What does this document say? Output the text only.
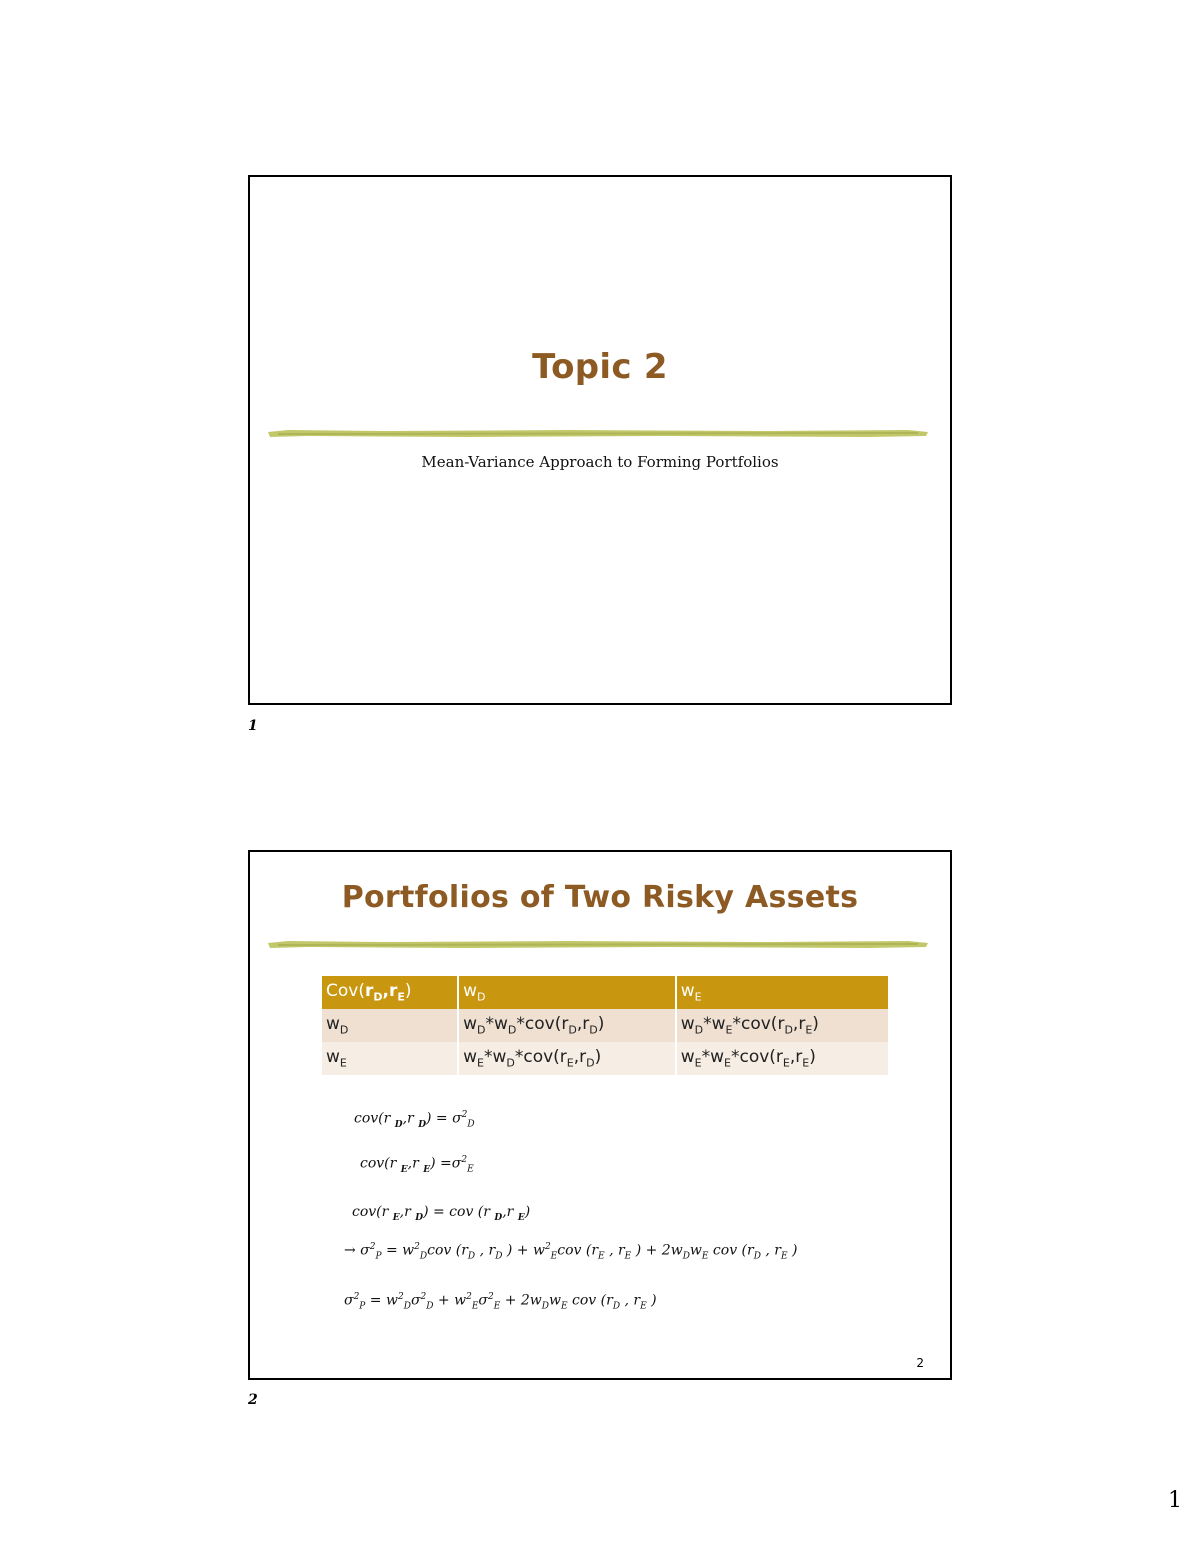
Topic 2
Mean-Variance Approach to Forming Portfolios
1
Portfolios of Two Risky Assets
$Cov(r_D,r_E)$	$w_D$	$w_E$
$w_D$	$w_D*w_D*cov(r_D,r_D)$	$w_D*w_E*cov(r_D,r_E)$
$w_E$	$w_E*w_D*cov(r_E,r_D)$	$w_E*w_E*cov(r_E,r_E)$
cov(r $_D$,r $_D) = \sigma^2_D$
cov(r $_E$,r $_E) =\sigma^2_E$
cov(r $_E$,r $_D$) = cov (r $_D$,r $_E$)
→ $\sigma^2_P = w^2_Dcov$ ($r_D$ , $r_D$ ) + $w^2_Ecov$ ($r_E$ , $r_E$ ) + $2w_Dw_E$ cov ($r_D$ , $r_E$ )
$\sigma^2_P = w^2_D\sigma^2_D + w^2_E\sigma^2_E + 2w_Dw_E$ cov ($r_D$ , $r_E$ )
2
2
1
